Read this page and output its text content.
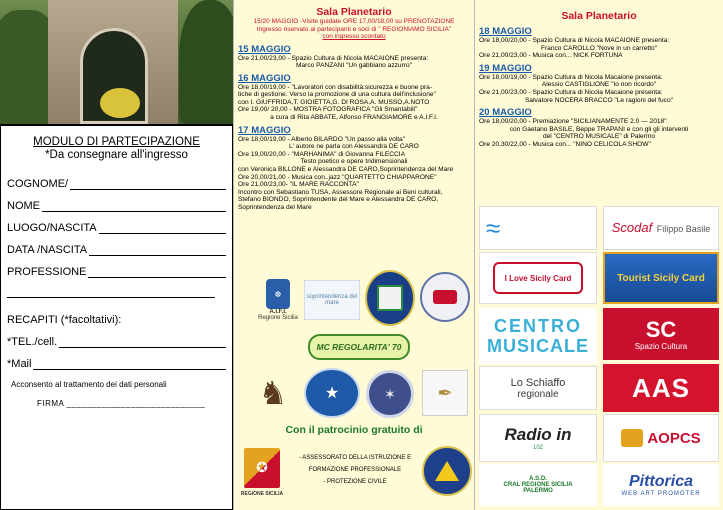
MODULO DI PARTECIPAZIONE
*Da consegnare all'ingresso
COGNOME/
NOME
LUOGO/NASCITA
DATA /NASCITA
PROFESSIONE
RECAPITI (*facoltativi):
*TEL./cell.
*Mail
Acconsento al trattamento dei dati personali
FIRMA ____________________________
Sala Planetario
15/20 MAGGIO -Visite guidate ORE 17,00/18,00 su PRENOTAZIONE
Ingresso riservato ai partecipanti e soci di " REGIONIAMO SICILIA"
con ingresso scontato
15 MAGGIO
Ore 21,00/23,00 - Spazio Cultura di Nicola MACAIONE presenta:
Marco PANZANI "Un gabbiano azzurro"
16 MAGGIO
Ore 18,00/19,00 - "Lavoratori con disabilità:sicurezza e buone pra-
tiche di gestione. Verso la promozione di una cultura dell'inclusione"
con I. GIUFFRIDA,T. GIOIETTA,G. DI ROSA,A. MUSSO,A.NOTO
Ore 19,00/ 20,00 - MOSTRA FOTOGRAFICA "Gli Smantabili"
a cura di Rita ABBATE, Alfonso FRANGIAMORE e A.I.F.I.
17 MAGGIO
Ore 18,00/19,00 - Alberto BILARDO "Un passo alla volta"
L' autore ne parla con Alessandra DE CARO
Ore 19,00/20,00 - "MARHANIMA" di Giovanna FILECCIA
Testo poetico e opere tridimensionali
con Veronica BILLONE e Alessandra DE CARO,Soprintendenza del Mare
Ore 20,00/21,00 - Musica con..jazz "QUARTETTO CHIAPPARONE"
Ore 21,00/23,00- "IL MARE RACCONTA"
Incontro con Sebastiano TUSA, Assessore Regionale ai Beni culturali,
Stefano BIONDO, Soprintendente del Mare e Alessandra DE CARO,
Soprintendenza del Mare
☸
A.I.F.I.
Regione Sicilia
soprintendenza del mare
MC REGOLARITA' 70
♞ ★	✶ ✒
Con il patrocinio gratuito di
✪
REGIONE SICILIA
- ASSESSORATO DELLA ISTRUZIONE E
FORMAZIONE PROFESSIONALE
- PROTEZIONE CIVILE
Sala Planetario
18 MAGGIO
Ore 18,00/20,00 - Spazio Cultura di Nicola MACAIONE presenta:
Franco CAROLLO "Nove in un carretto"
Ore 21,00/23,00 - Musica con... NICK FORTUNA
19 MAGGIO
Ore 18,00/19,00 - Spazio Cultura di Nicola Macaione presenta:
Alessio CASTIGLIONE "Io non ricordo"
Ore 21,00/23,00 - Spazio Cultura di Nicola Macaione presenta:
Salvatore NOCERA BRACCO "Le ragioni del fuco"
20 MAGGIO
Ore 18,00/20,00 - Premiazione "SICILIANAMENTE 2.0 — 2018"
con Gaetano BASILE, Beppe TRAPANI e con gli gli interventi
del "CENTRO MUSICALE" di Palermo
Ore 20,30/22,00 - Musica con... "NINO CELICOLA SHOW"
≈	Scodaf Filippo Basile
I Love Sicily Card	Tourist Sicily Card
CENTRO
MUSICALE
SC
Spazio Cultura
Lo Schiaffo
regionale	AAS
Radio in
102
AOPCS
A.S.D.
CRAL REGIONE SICILIA
PALERMO
Pittorica
WEB ART PROMOTER
